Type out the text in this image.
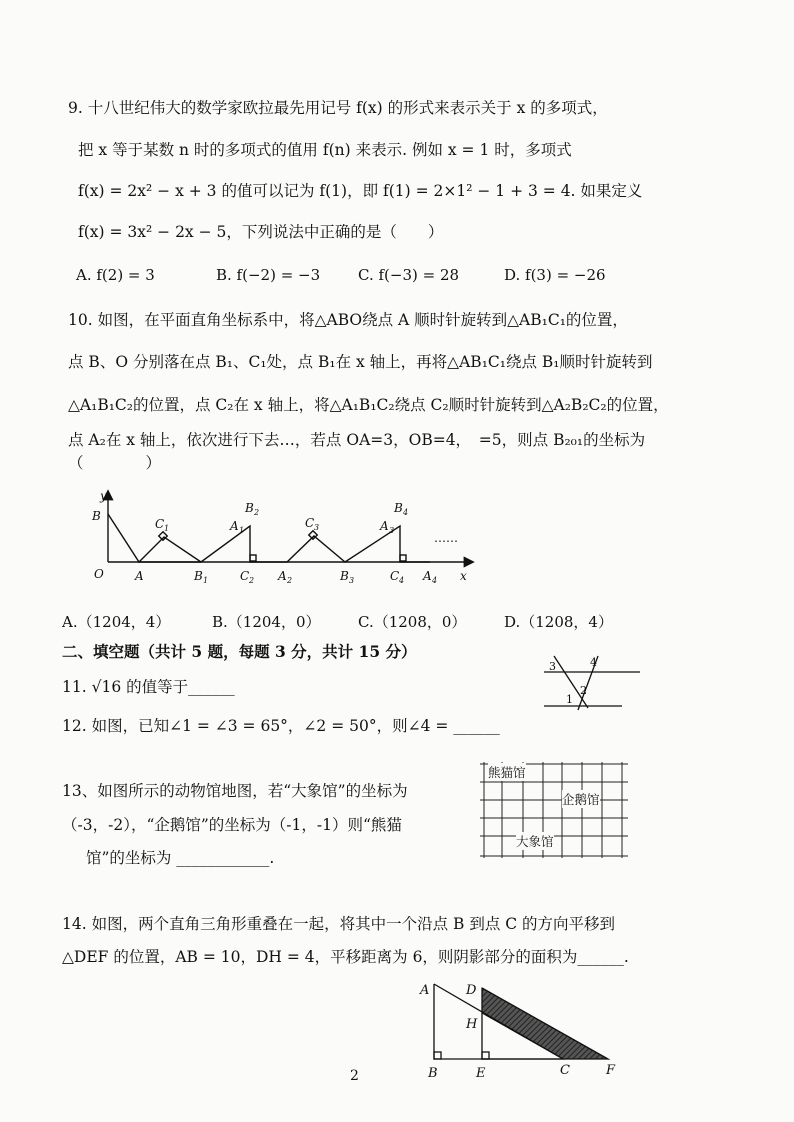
9. 十八世纪伟大的数学家欧拉最先用记号 f(x) 的形式来表示关于 x 的多项式，
把 x 等于某数 n 时的多项式的值用 f(n) 来表示. 例如 x = 1 时，多项式
f(x) = 2x² − x + 3 的值可以记为 f(1)，即 f(1) = 2×1² − 1 + 3 = 4. 如果定义
f(x) = 3x² − 2x − 5，下列说法中正确的是（　　）
A. f(2) = 3	B. f(−2) = −3	C. f(−3) = 28	D. f(3) = −26
10. 如图，在平面直角坐标系中，将△ABO绕点 A 顺时针旋转到△AB₁C₁的位置，
点 B、O 分别落在点 B₁、C₁处，点 B₁在 x 轴上，再将△AB₁C₁绕点 B₁顺时针旋转到
△A₁B₁C₂的位置，点 C₂在 x 轴上，将△A₁B₁C₂绕点 C₂顺时针旋转到△A₂B₂C₂的位置，
点 A₂在 x 轴上，依次进行下去…，若点 OA=3，OB=4，　=5，则点 B₂₀₁的坐标为
（　　　　）
y
x
O
B
A
C 1
B 1
A 1
B 2
C 2 A 2
C 3
B 3
A 3
B 4
C 4 A 4
……
A.（1204，4）	B.（1204，0） C.（1208，0）	D.（1208，4）
二、填空题（共计 5 题，每题 3 分，共计 15 分）
11. √16 的值等于______
12. 如图，已知∠1 = ∠3 = 65°，∠2 = 50°，则∠4 = ______
3	4
2
1
13、如图所示的动物馆地图，若“大象馆”的坐标为
（-3，-2），“企鹅馆”的坐标为（-1，-1）则“熊猫
馆”的坐标为 ____________.
熊猫馆
企鹅馆
大象馆
14. 如图，两个直角三角形重叠在一起，将其中一个沿点 B 到点 C 的方向平移到
△DEF 的位置，AB = 10，DH = 4，平移距离为 6，则阴影部分的面积为______.
A	D
H
B	E	C	F
2
